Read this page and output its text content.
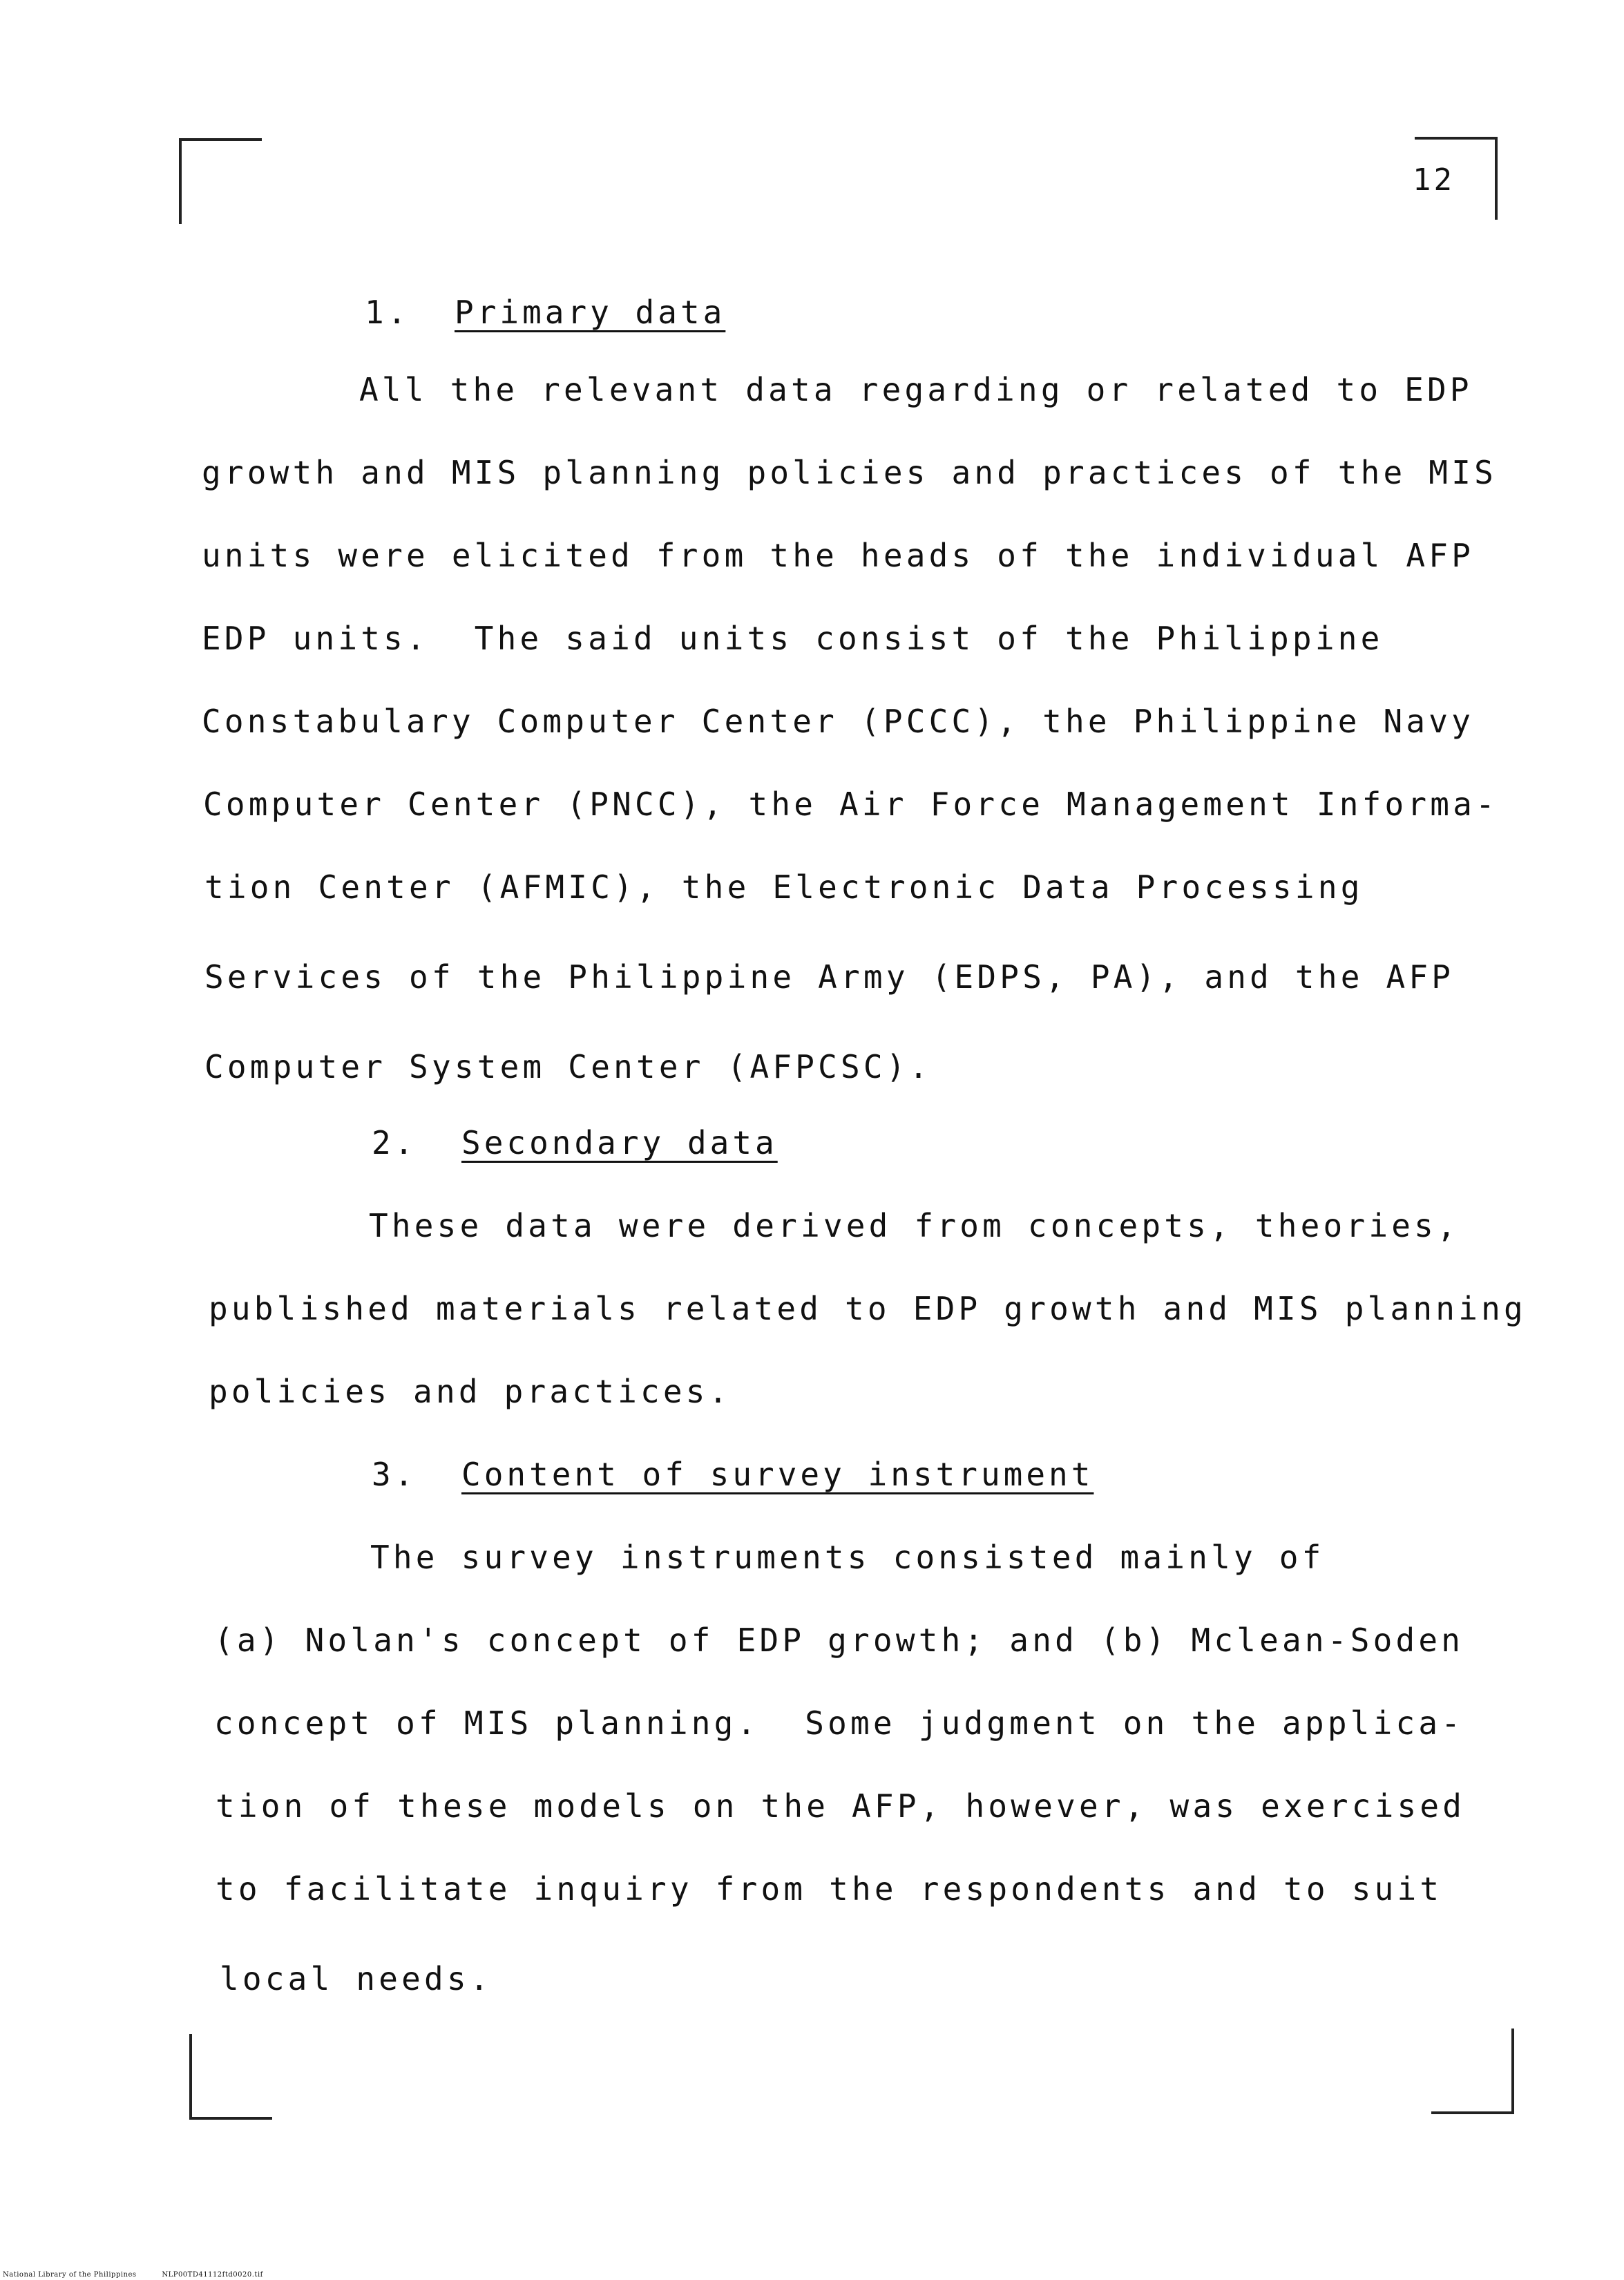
12
1. Primary data
All the relevant data regarding or related to EDP
growth and MIS planning policies and practices of the MIS
units were elicited from the heads of the individual AFP
EDP units.  The said units consist of the Philippine
Constabulary Computer Center (PCCC), the Philippine Navy
Computer Center (PNCC), the Air Force Management Informa-
tion Center (AFMIC), the Electronic Data Processing
Services of the Philippine Army (EDPS, PA), and the AFP
Computer System Center (AFPCSC).
2. Secondary data
These data were derived from concepts, theories,
published materials related to EDP growth and MIS planning
policies and practices.
3. Content of survey instrument
The survey instruments consisted mainly of
(a) Nolan's concept of EDP growth; and (b) Mclean-Soden
concept of MIS planning.  Some judgment on the applica-
tion of these models on the AFP, however, was exercised
to facilitate inquiry from the respondents and to suit
local needs.
National Library of the Philippines	NLP00TD41112ftd0020.tif
